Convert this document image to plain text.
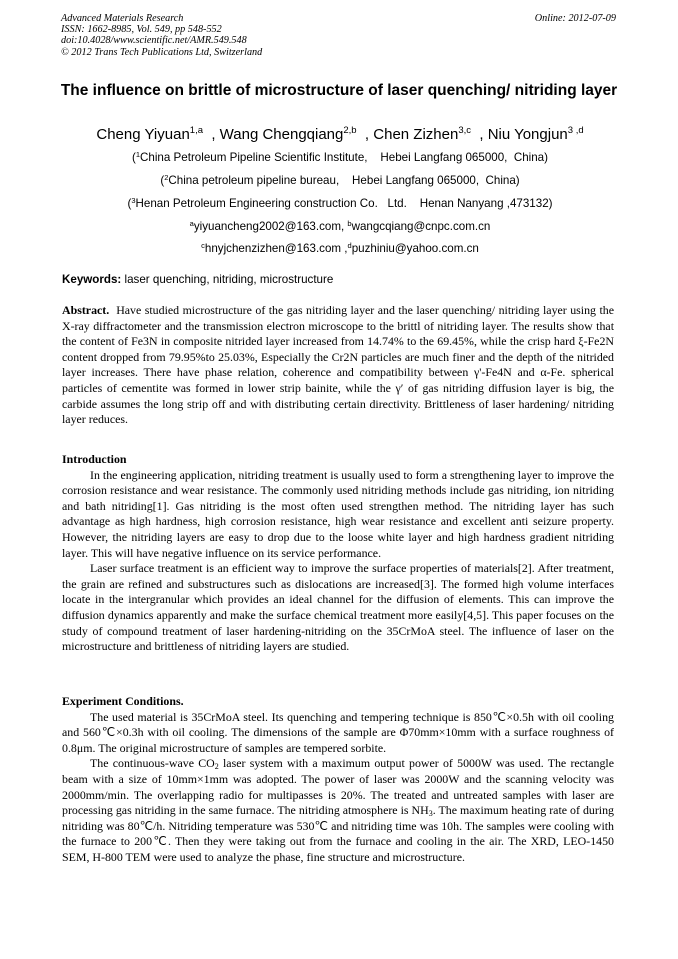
Advanced Materials Research
ISSN: 1662-8985, Vol. 549, pp 548-552
doi:10.4028/www.scientific.net/AMR.549.548
© 2012 Trans Tech Publications Ltd, Switzerland
Online: 2012-07-09
The influence on brittle of microstructure of laser quenching/ nitriding layer
Cheng Yiyuan$^{1,a}$  , Wang Chengqiang$^{2,b}$  , Chen Zizhen$^{3,c}$  , Niu Yongjun$^{3 ,d}$
($^1$China Petroleum Pipeline Scientific Institute,    Hebei Langfang 065000,  China)
($^2$China petroleum pipeline bureau,    Hebei Langfang 065000,  China)
($^3$Henan Petroleum Engineering construction Co.   Ltd.    Henan Nanyang ,473132)
$^a$yiyuancheng2002@163.com, $^b$wangcqiang@cnpc.com.cn
$^c$hnyjchenzizhen@163.com ,$^d$puzhiniu@yahoo.com.cn
Keywords: laser quenching, nitriding, microstructure

Abstract. Have studied microstructure of the gas nitriding layer and the laser quenching/ nitriding layer using the X-ray diffractometer and the transmission electron microscope to the brittl of nitriding layer. The results show that the content of Fe3N in composite nitrided layer increased from 14.74% to the 69.45%, while the crisp hard ξ-Fe2N content dropped from 79.95%to 25.03%, Especially the Cr2N particles are much finer and the depth of the nitrided layer increases. There have phase relation, coherence and compatibility between γ'-Fe4N and α-Fe. spherical particles of cementite was formed in lower strip bainite, while the γ′ of gas nitriding diffusion layer is big, the carbide assumes the long strip off and with distributing certain directivity. Brittleness of laser hardening/ nitriding layer reduces.

Introduction

In the engineering application, nitriding treatment is usually used to form a strengthening layer to improve the corrosion resistance and wear resistance. The commonly used nitriding methods include gas nitriding, ion nitriding and bath nitriding[1]. Gas nitriding is the most often used strengthen method. The nitriding layer has such advantage as high hardness, high corrosion resistance, high wear resistance and excellent anti seizure property. However, the nitriding layers are easy to drop due to the loose white layer and high hardness gradient nitriding layer. This will have negative influence on its service performance.

Laser surface treatment is an efficient way to improve the surface properties of materials[2]. After treatment, the grain are refined and substructures such as dislocations are increased[3]. The formed high volume interfaces locate in the intergranular which provides an ideal channel for the diffusion of elements. This can improve the diffusion dynamics apparently and make the surface chemical treatment more easily[4,5]. This paper focuses on the study of compound treatment of laser hardening-nitriding on the 35CrMoA steel. The influence of laser on the microstructure and brittleness of nitriding layers are studied.

Experiment Conditions.

The used material is 35CrMoA steel. Its quenching and tempering technique is 850℃×0.5h with oil cooling and 560℃×0.3h with oil cooling. The dimensions of the sample are Φ70mm×10mm with a surface roughness of 0.8μm. The original microstructure of samples are tempered sorbite.

The continuous-wave $CO_2$ laser system with a maximum output power of 5000W was used. The rectangle beam with a size of 10mm×1mm was adopted. The power of laser was 2000W and the scanning velocity was 2000mm/min. The overlapping radio for multipasses is 20%. The treated and untreated samples with laser are processing gas nitriding in the same furnace. The nitriding atmosphere is $NH_3$. The maximum heating rate of during nitriding was 80℃/h. Nitriding temperature was 530℃ and nitriding time was 10h. The samples were cooling with the furnace to 200℃. Then they were taking out from the furnace and cooling in the air. The XRD, LEO-1450 SEM, H-800 TEM were used to analyze the phase, fine structure and microstructure.
